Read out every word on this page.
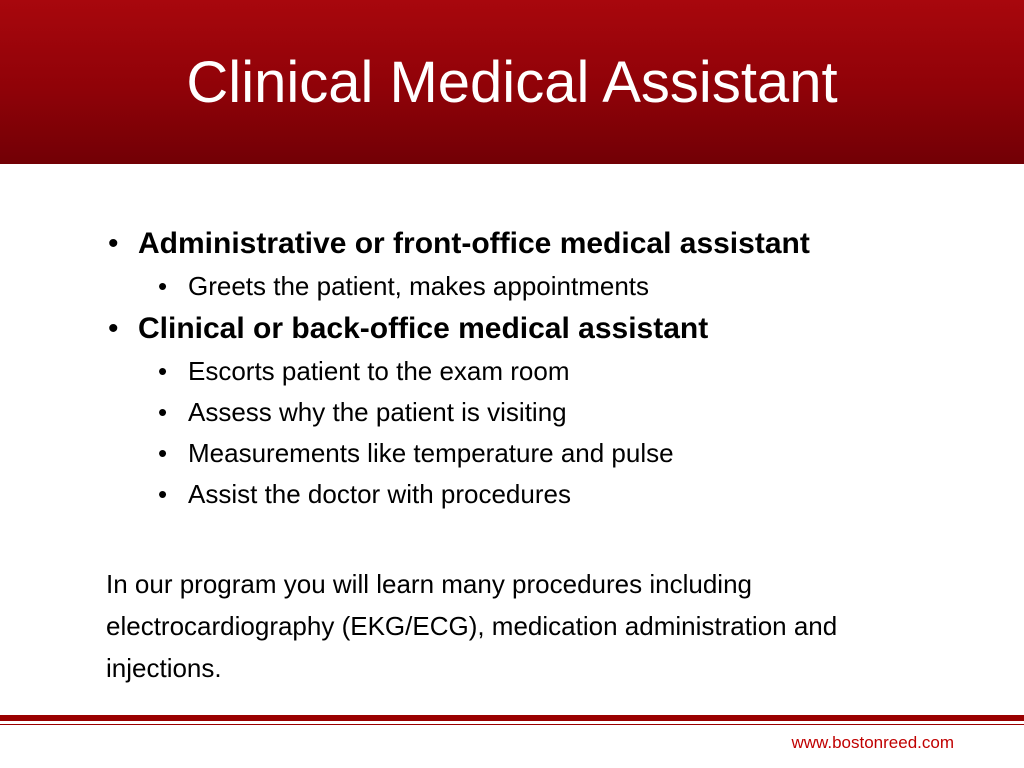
Clinical Medical Assistant
• Administrative or front-office medical assistant
• Greets the patient, makes appointments
• Clinical or back-office medical assistant
• Escorts patient to the exam room
• Assess why the patient is visiting
• Measurements like temperature and pulse
• Assist the doctor with procedures

In our program you will learn many procedures including electrocardiography (EKG/ECG), medication administration and injections.

www.bostonreed.com
